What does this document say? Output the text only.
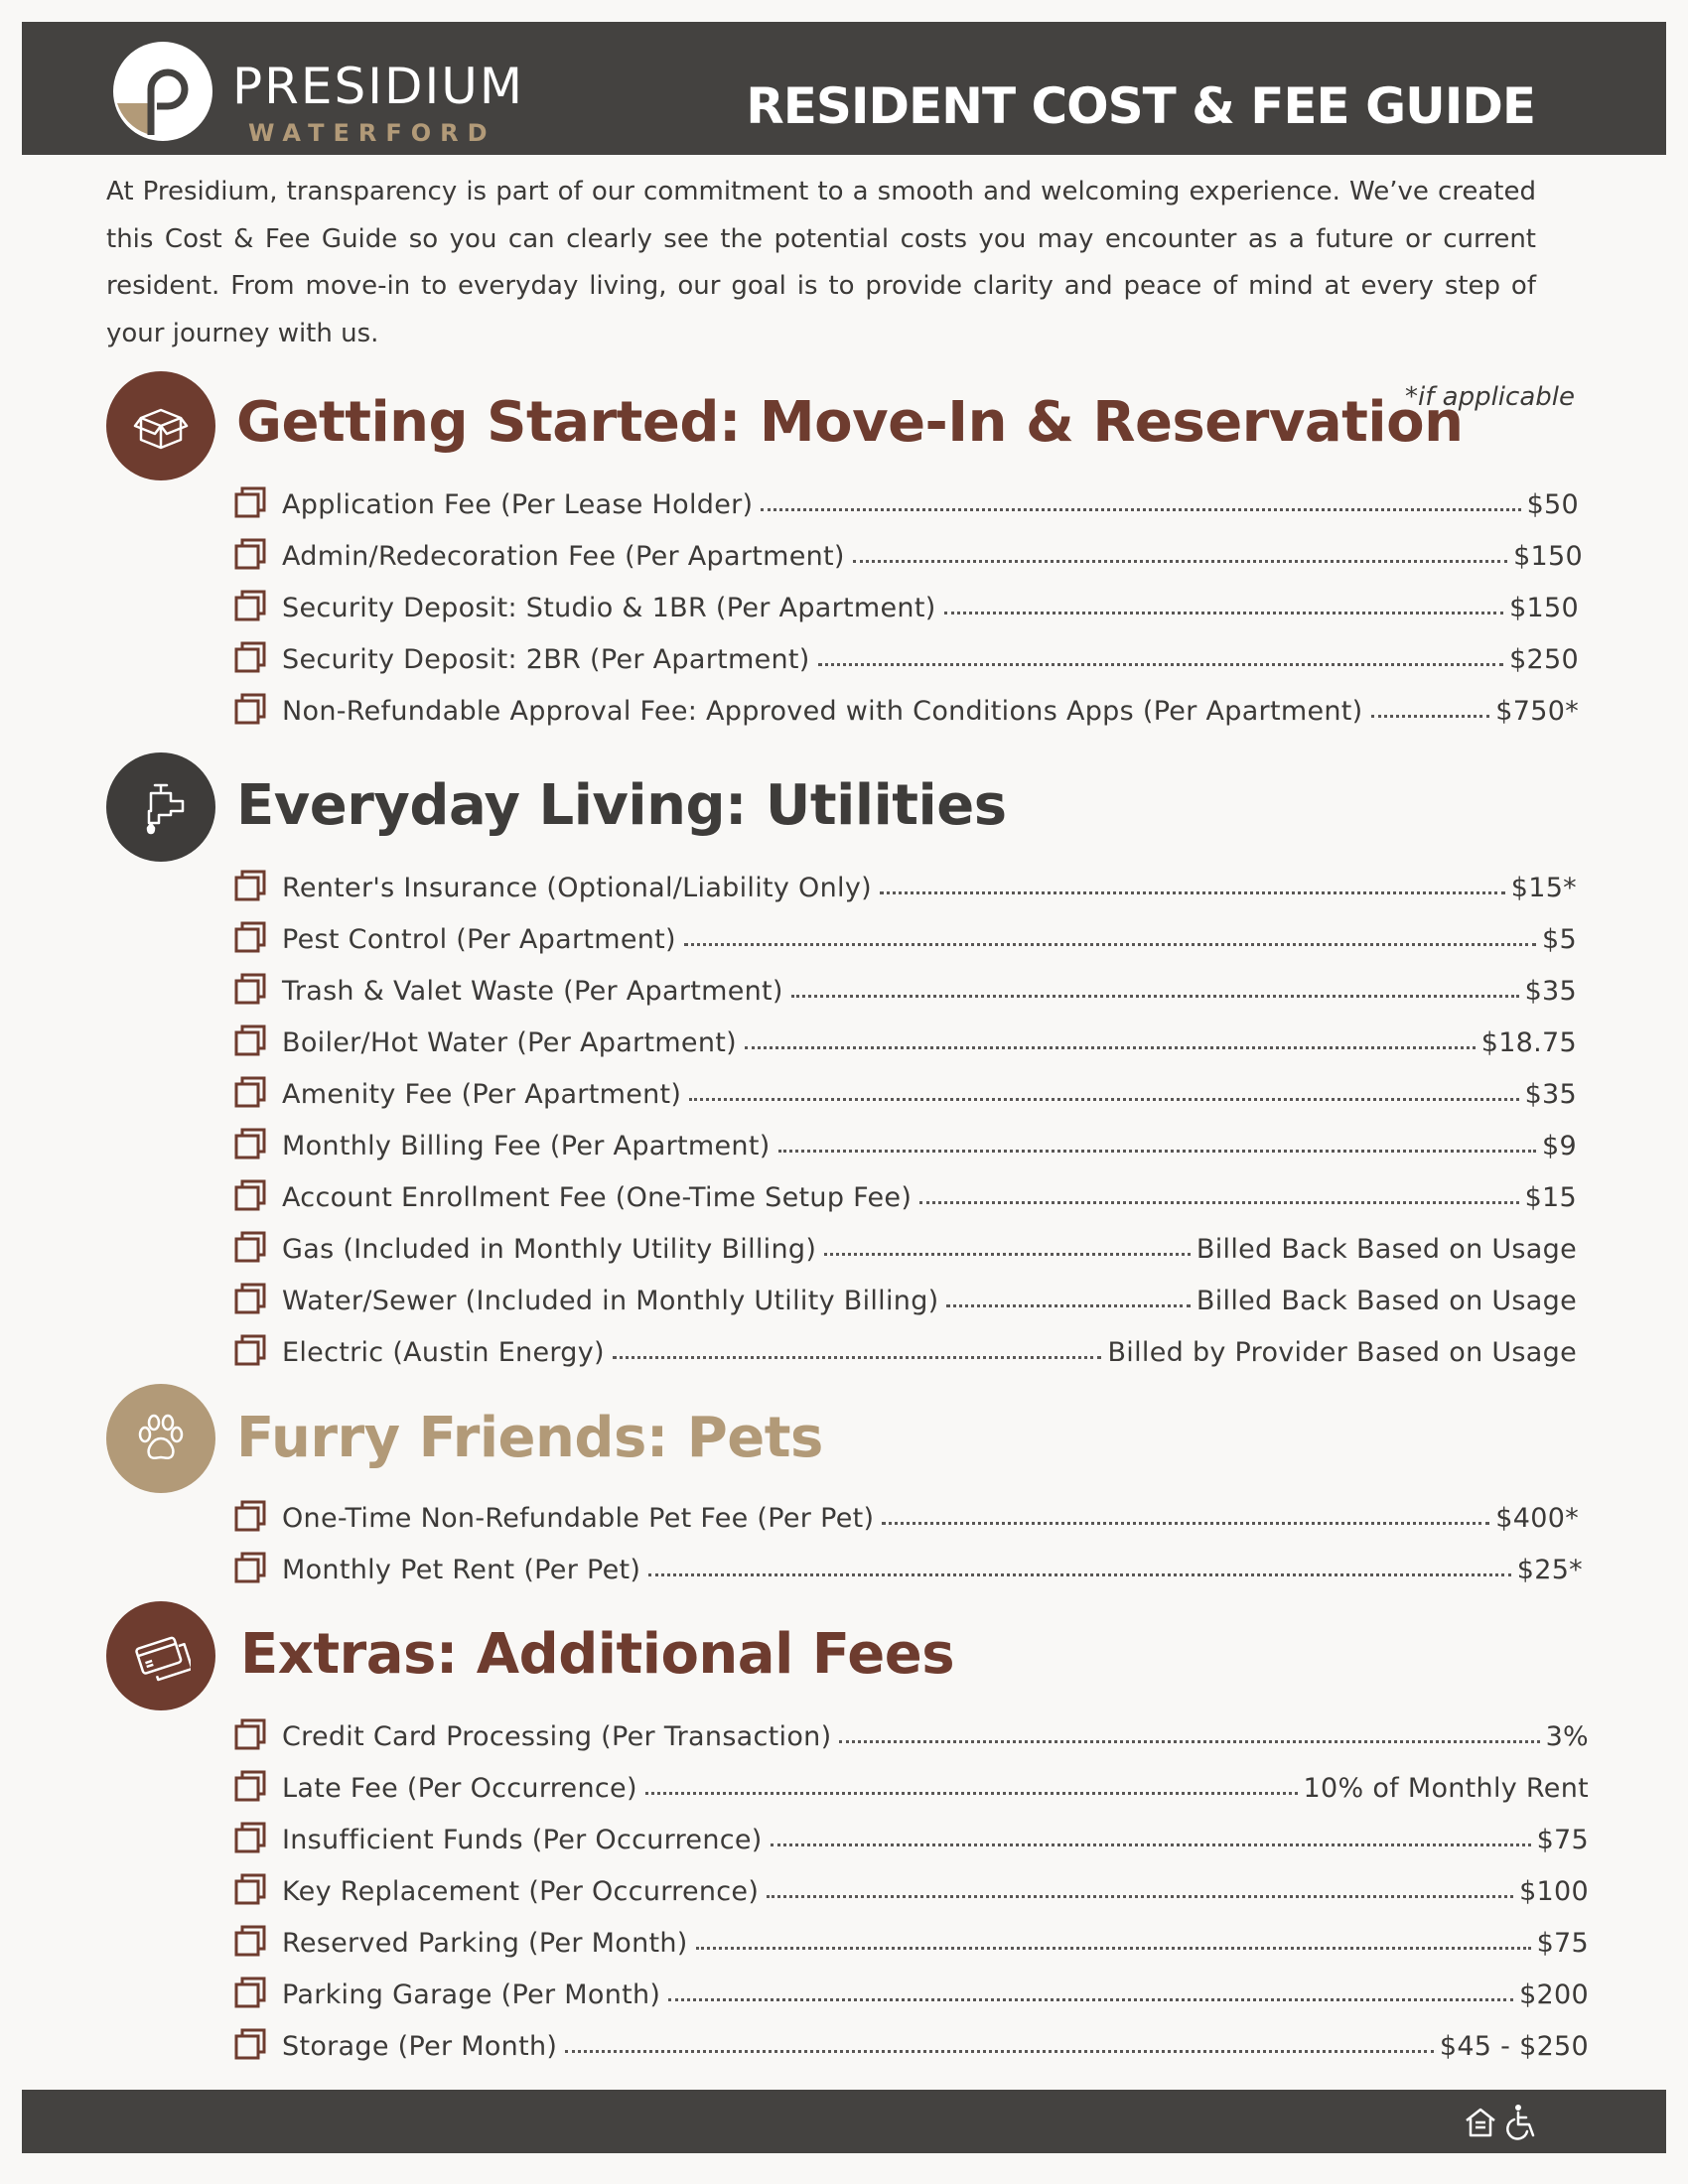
PRESIDIUM
WATERFORD	RESIDENT COST & FEE GUIDE
At Presidium, transparency is part of our commitment to a smooth and welcoming experience. We’ve created this Cost & Fee Guide so you can clearly see the potential costs you may encounter as a future or current resident. From move-in to everyday living, our goal is to provide clarity and peace of mind at every step of your journey with us.
*if applicable
Getting Started: Move-In & Reservation
Application Fee (Per Lease Holder)	$50
Admin/Redecoration Fee (Per Apartment)	$150
Security Deposit: Studio & 1BR (Per Apartment)	$150
Security Deposit: 2BR (Per Apartment)	$250
Non-Refundable Approval Fee: Approved with Conditions Apps (Per Apartment)	$750*
Everyday Living: Utilities
Renter's Insurance (Optional/Liability Only)	$15*
Pest Control (Per Apartment)	$5
Trash & Valet Waste (Per Apartment)	$35
Boiler/Hot Water (Per Apartment)	$18.75
Amenity Fee (Per Apartment)	$35
Monthly Billing Fee (Per Apartment)	$9
Account Enrollment Fee (One-Time Setup Fee)	$15
Gas (Included in Monthly Utility Billing)	Billed Back Based on Usage
Water/Sewer (Included in Monthly Utility Billing)	Billed Back Based on Usage
Electric (Austin Energy)	Billed by Provider Based on Usage
Furry Friends: Pets
One-Time Non-Refundable Pet Fee (Per Pet)	$400*
Monthly Pet Rent (Per Pet)	$25*
Extras: Additional Fees
Credit Card Processing (Per Transaction)	3%
Late Fee (Per Occurrence)	10% of Monthly Rent
Insufficient Funds (Per Occurrence)	$75
Key Replacement (Per Occurrence)	$100
Reserved Parking (Per Month)	$75
Parking Garage (Per Month)	$200
Storage (Per Month)	$45 - $250
